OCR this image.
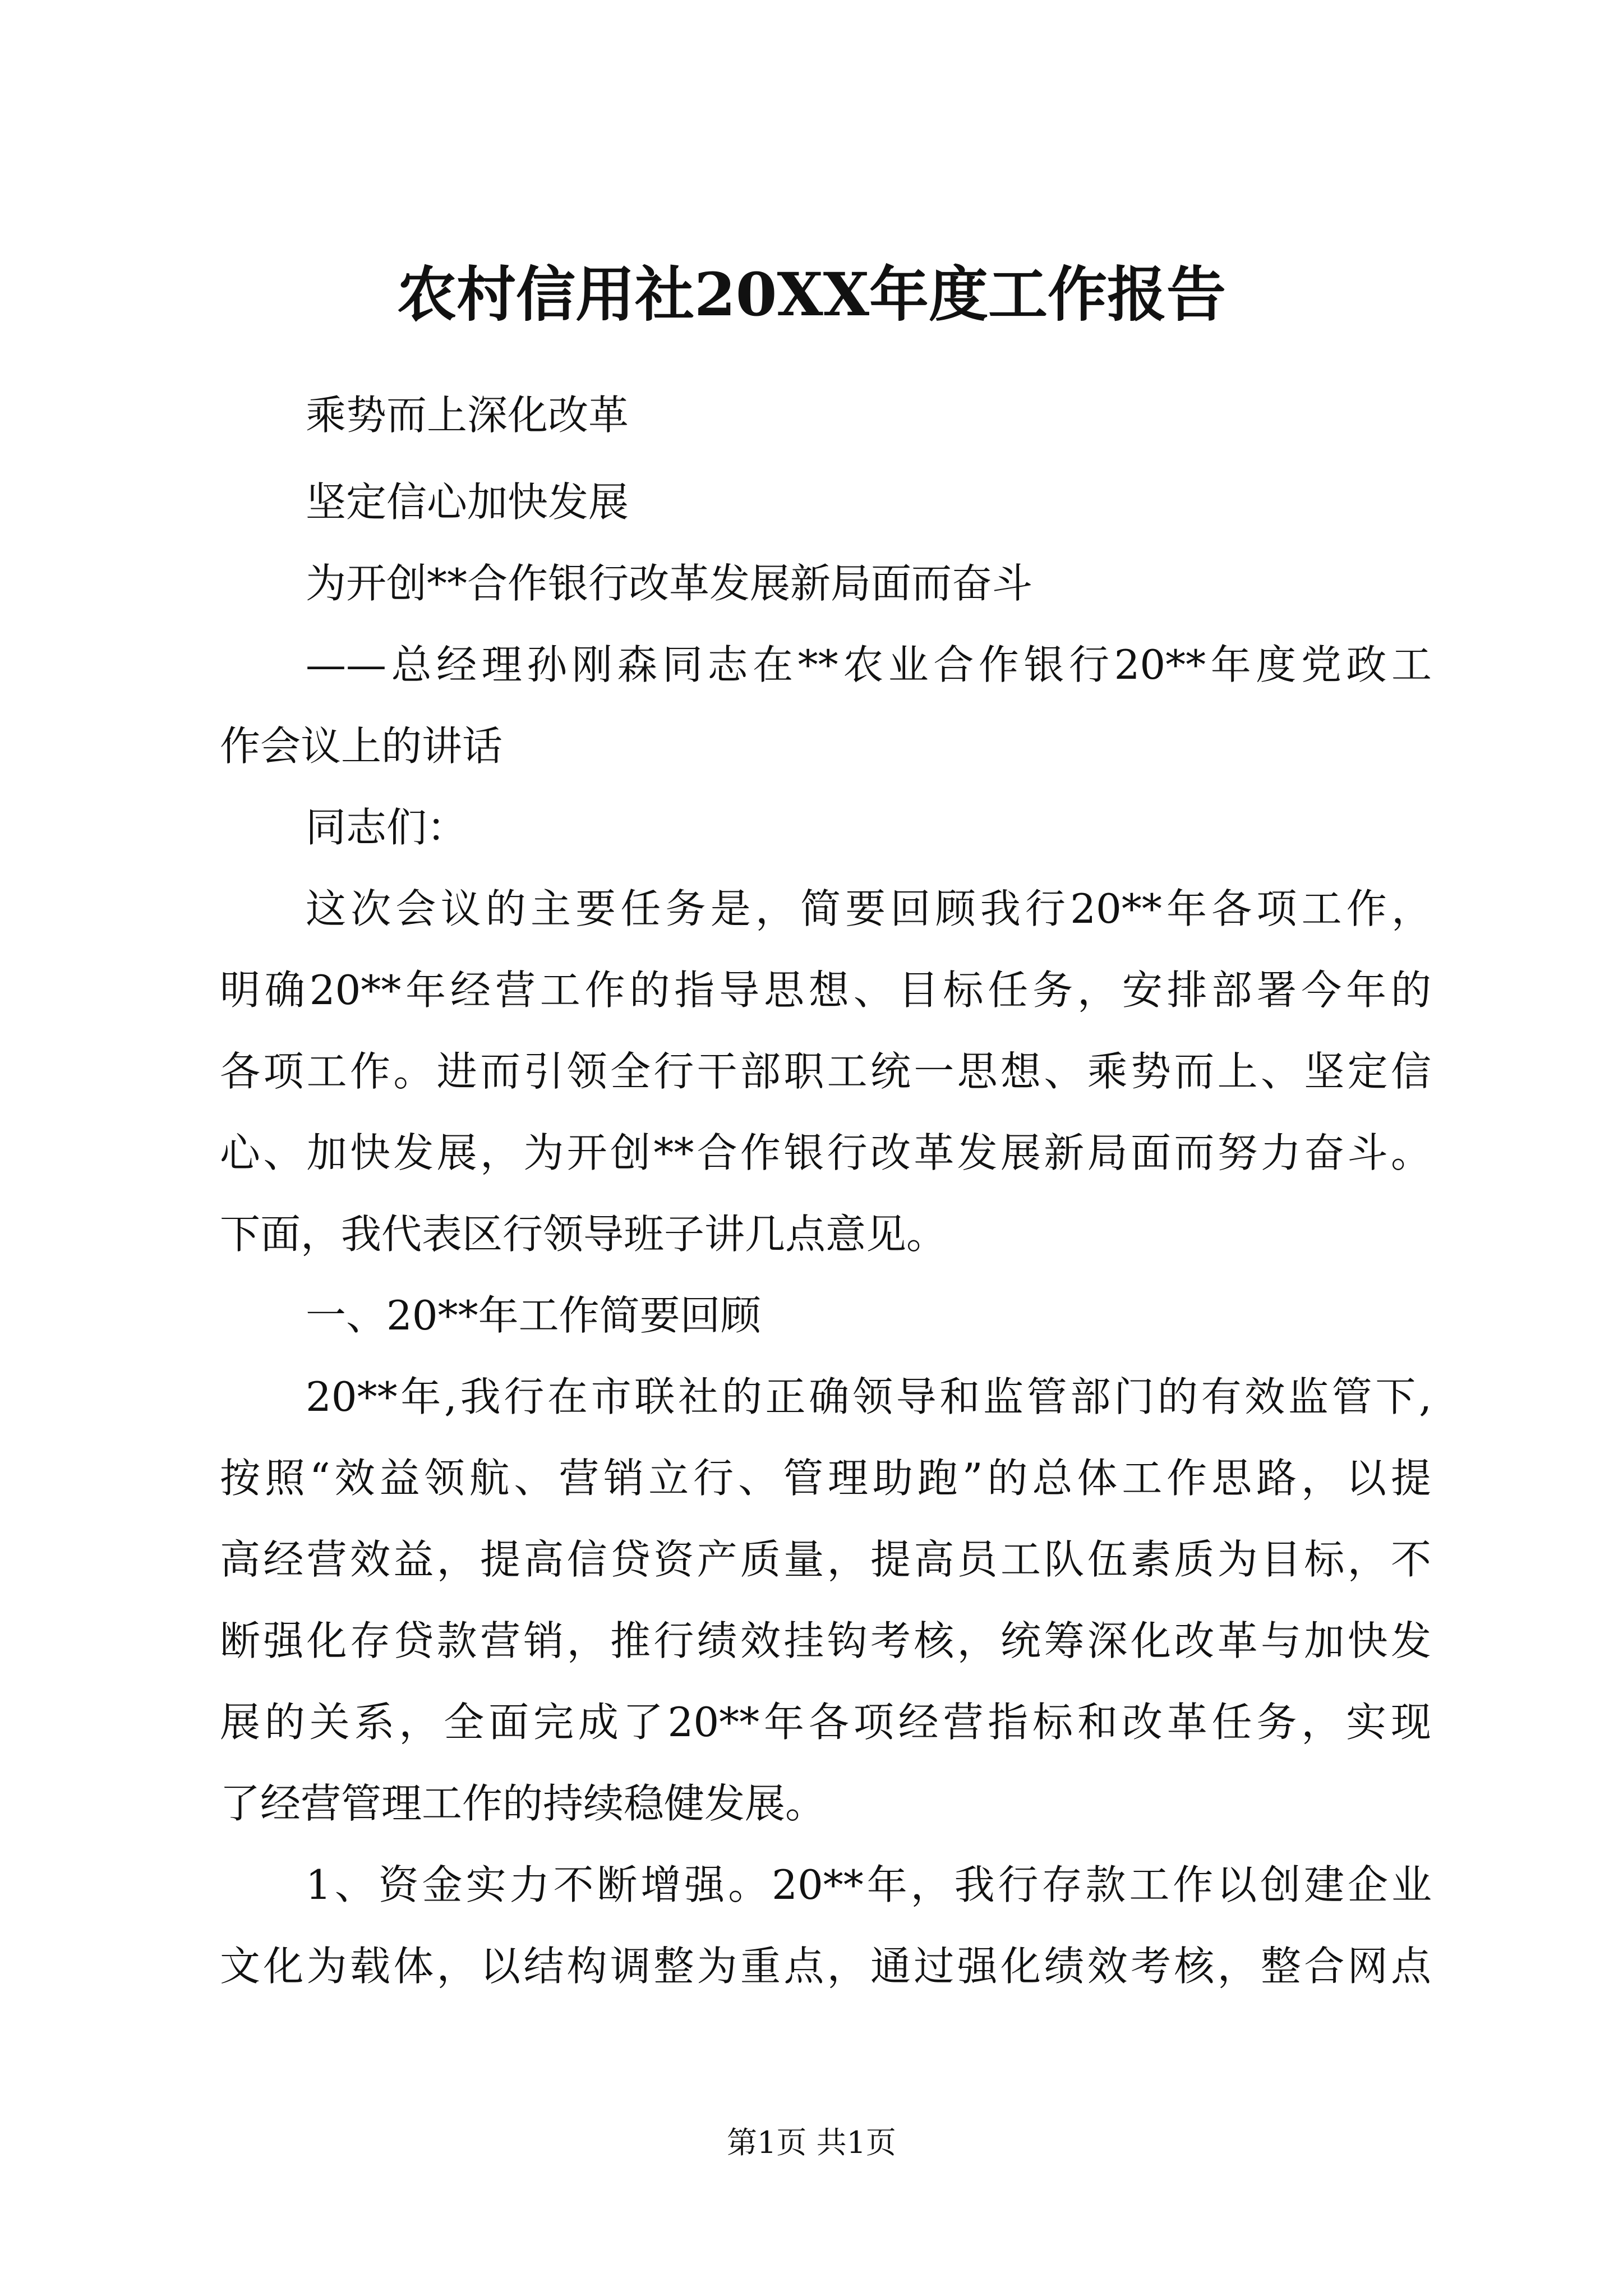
农村信用社20XX年度工作报告
乘势而上深化改革
坚定信心加快发展
为开创**合作银行改革发展新局面而奋斗
——总经理孙刚森同志在**农业合作银行20**年度党政工
作会议上的讲话
同志们：
这次会议的主要任务是，简要回顾我行20**年各项工作，
明确20**年经营工作的指导思想、目标任务，安排部署今年的
各项工作。进而引领全行干部职工统一思想、乘势而上、坚定信
心、加快发展，为开创**合作银行改革发展新局面而努力奋斗。
下面，我代表区行领导班子讲几点意见。
一、20**年工作简要回顾
20**年,我行在市联社的正确领导和监管部门的有效监管下,
按照“效益领航、营销立行、管理助跑”的总体工作思路，以提
高经营效益，提高信贷资产质量，提高员工队伍素质为目标，不
断强化存贷款营销，推行绩效挂钩考核，统筹深化改革与加快发
展的关系，全面完成了20**年各项经营指标和改革任务，实现
了经营管理工作的持续稳健发展。
1、资金实力不断增强。20**年，我行存款工作以创建企业
文化为载体，以结构调整为重点，通过强化绩效考核，整合网点
第1页 共1页
